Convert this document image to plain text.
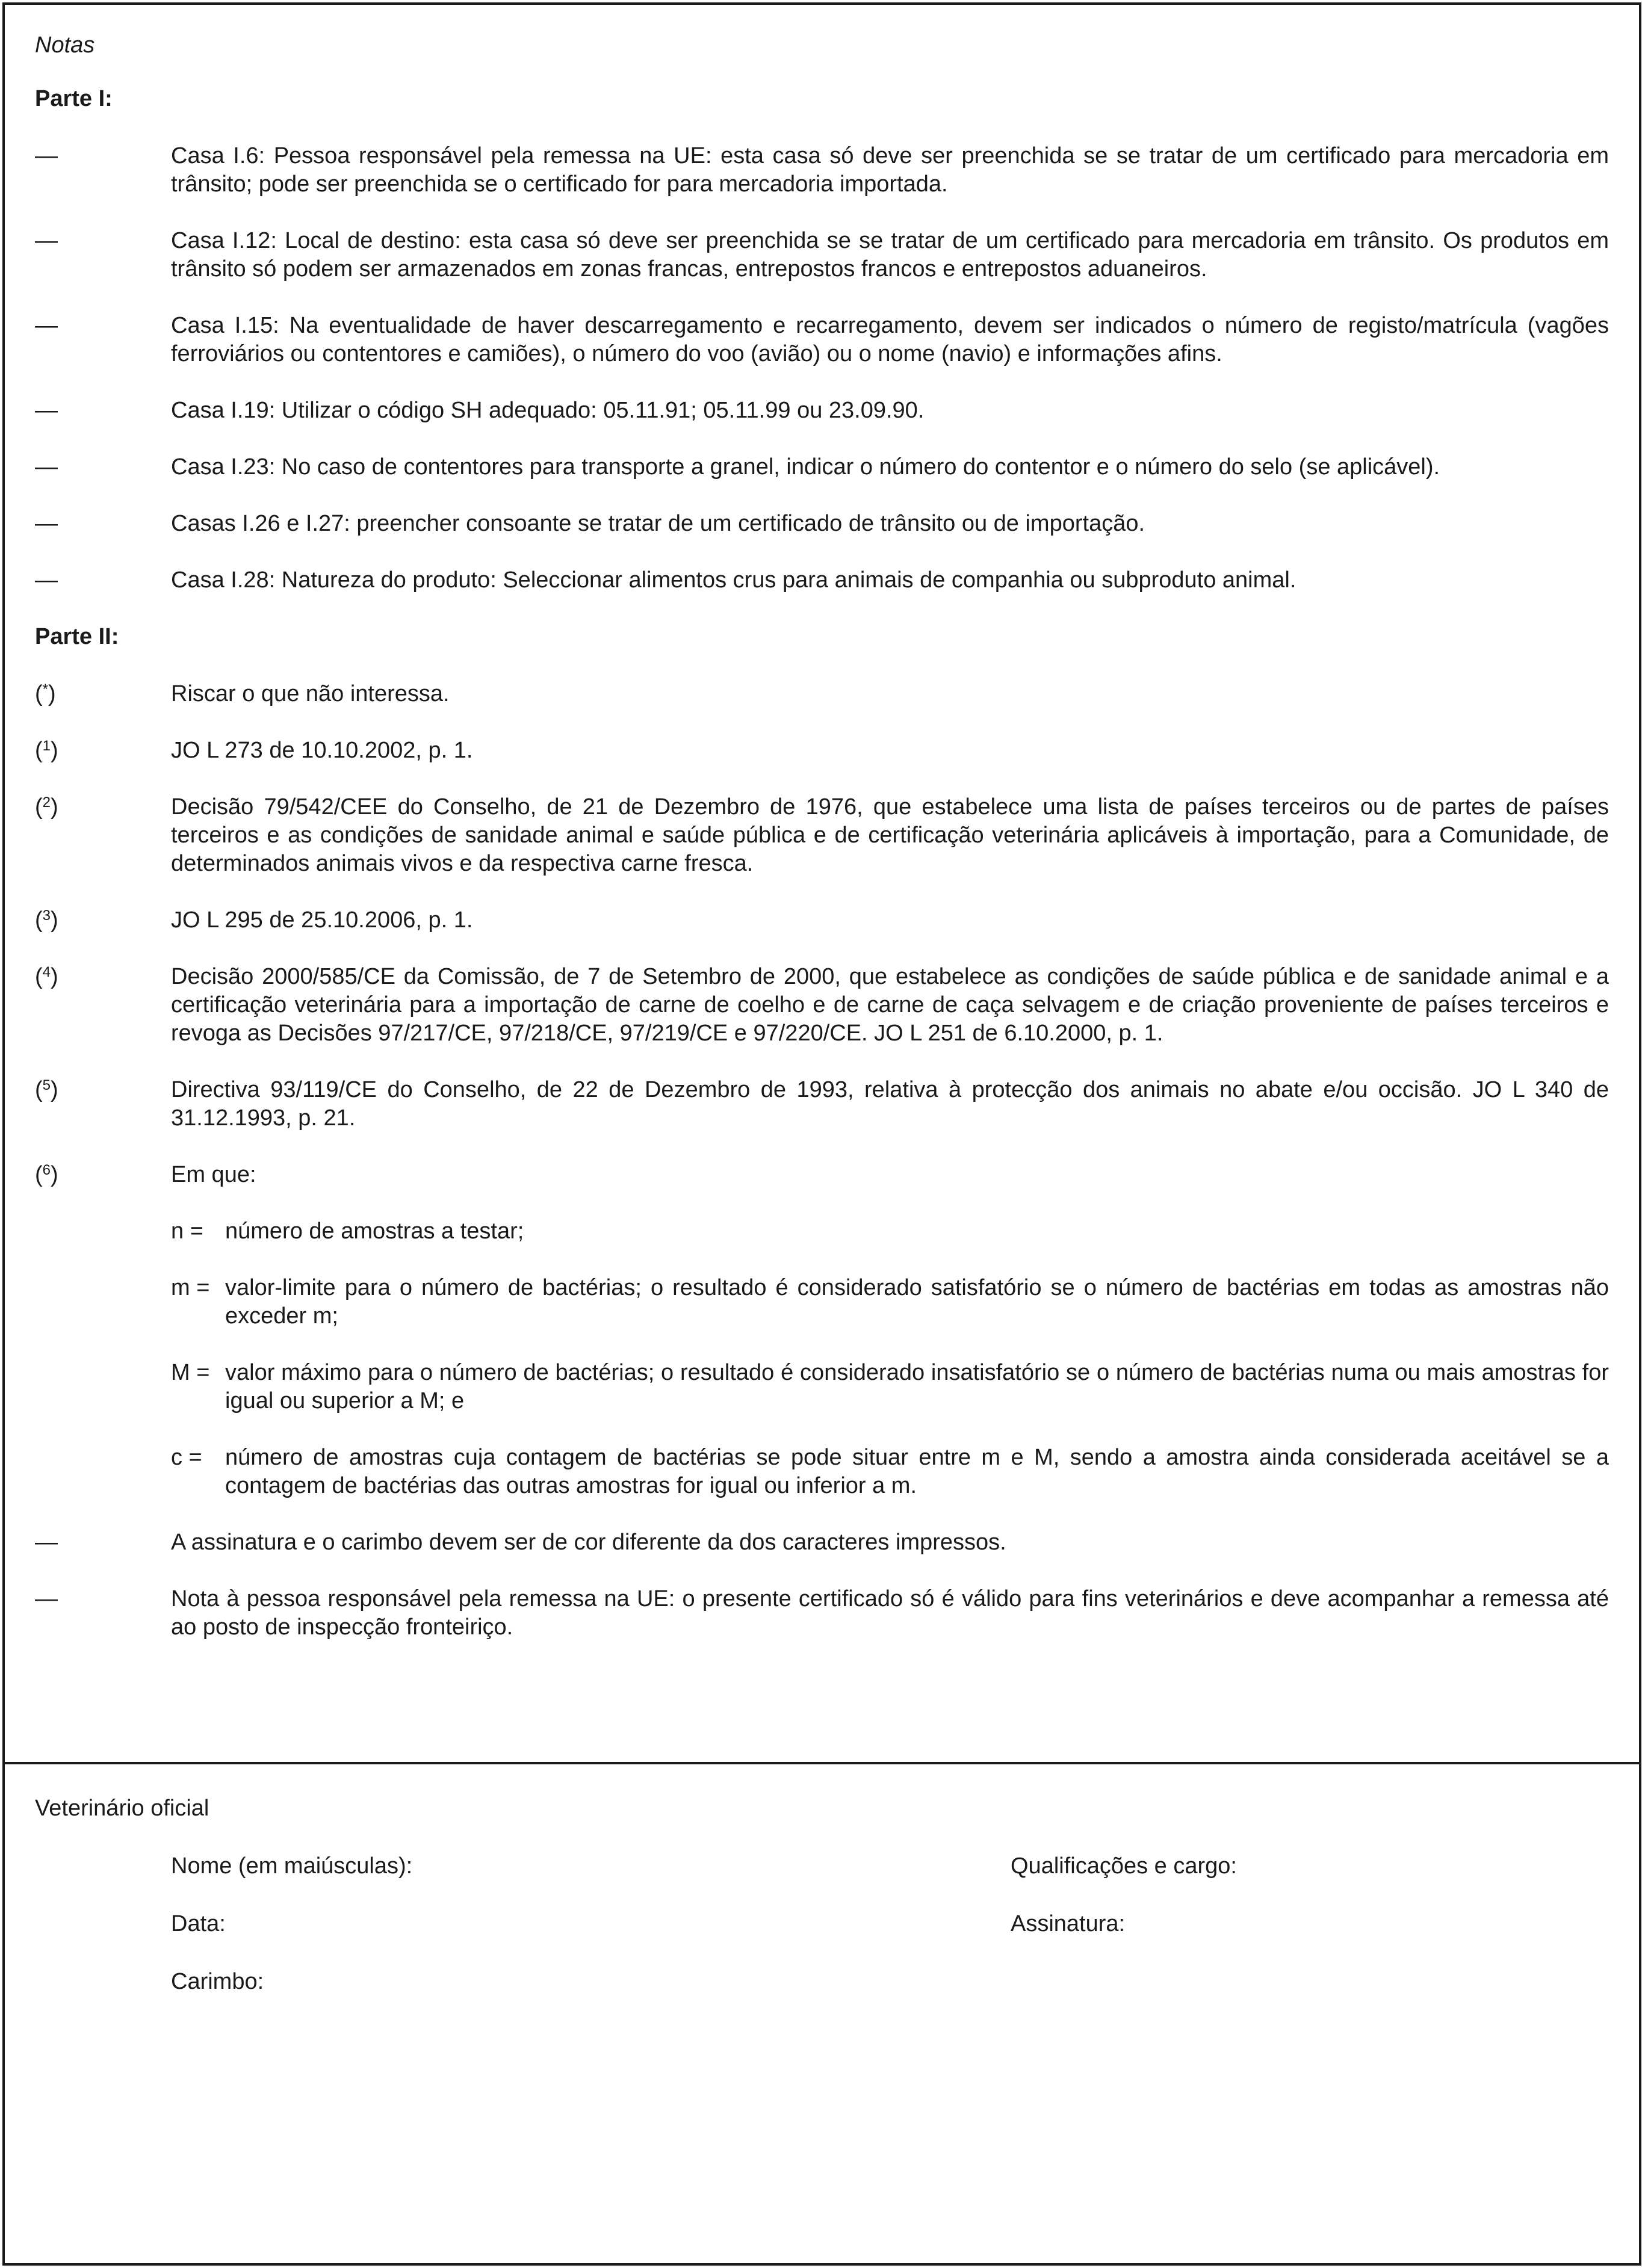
Notas

Parte I:

—	Casa I.6: Pessoa responsável pela remessa na UE: esta casa só deve ser preenchida se se tratar de um certificado para mercadoria em trânsito; pode ser preenchida se o certificado for para mercadoria importada.
—	Casa I.12: Local de destino: esta casa só deve ser preenchida se se tratar de um certificado para mercadoria em trânsito. Os produtos em trânsito só podem ser armazenados em zonas francas, entrepostos francos e entrepostos aduaneiros.
—	Casa I.15: Na eventualidade de haver descarregamento e recarregamento, devem ser indicados o número de registo/matrícula (vagões ferroviários ou contentores e camiões), o número do voo (avião) ou o nome (navio) e informações afins.
—	Casa I.19: Utilizar o código SH adequado: 05.11.91; 05.11.99 ou 23.09.90.
—	Casa I.23: No caso de contentores para transporte a granel, indicar o número do contentor e o número do selo (se aplicável).
—	Casas I.26 e I.27: preencher consoante se tratar de um certificado de trânsito ou de importação.
—	Casa I.28: Natureza do produto: Seleccionar alimentos crus para animais de companhia ou subproduto animal.

Parte II:

(*)	Riscar o que não interessa.
($^1$)	JO L 273 de 10.10.2002, p. 1.
($^2$)	Decisão 79/542/CEE do Conselho, de 21 de Dezembro de 1976, que estabelece uma lista de países terceiros ou de partes de países terceiros e as condições de sanidade animal e saúde pública e de certificação veterinária aplicáveis à importação, para a Comunidade, de determinados animais vivos e da respectiva carne fresca.
($^3$)	JO L 295 de 25.10.2006, p. 1.
($^4$)	Decisão 2000/585/CE da Comissão, de 7 de Setembro de 2000, que estabelece as condições de saúde pública e de sanidade animal e a certificação veterinária para a importação de carne de coelho e de carne de caça selvagem e de criação proveniente de países terceiros e revoga as Decisões 97/217/CE, 97/218/CE, 97/219/CE e 97/220/CE. JO L 251 de 6.10.2000, p. 1.
($^5$)	Directiva 93/119/CE do Conselho, de 22 de Dezembro de 1993, relativa à protecção dos animais no abate e/ou occisão. JO L 340 de 31.12.1993, p. 21.
($^6$)	Em que:
n = número de amostras a testar;
m = valor-limite para o número de bactérias; o resultado é considerado satisfatório se o número de bactérias em todas as amostras não exceder m;
M = valor máximo para o número de bactérias; o resultado é considerado insatisfatório se o número de bactérias numa ou mais amostras for igual ou superior a M; e
c =	número de amostras cuja contagem de bactérias se pode situar entre m e M, sendo a amostra ainda considerada aceitável se a contagem de bactérias das outras amostras for igual ou inferior a m.
—	A assinatura e o carimbo devem ser de cor diferente da dos caracteres impressos.
—	Nota à pessoa responsável pela remessa na UE: o presente certificado só é válido para fins veterinários e deve acompanhar a remessa até ao posto de inspecção fronteiriço.

Veterinário oficial

Nome (em maiúsculas):	Qualificações e cargo:
Data:	Assinatura:
Carimbo:
